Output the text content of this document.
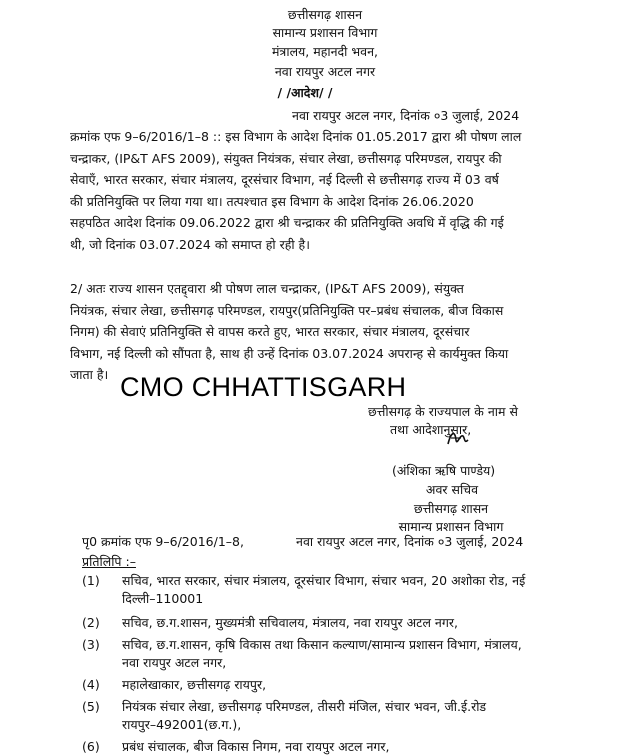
छत्तीसगढ़ शासन
सामान्य प्रशासन विभाग
मंत्रालय, महानदी भवन,
नवा रायपुर अटल नगर
/ /आदेश/ /
नवा रायपुर अटल नगर, दिनांक ०3 जुलाई, 2024

क्रमांक एफ 9–6/2016/1–8 :: इस विभाग के आदेश दिनांक 01.05.2017 द्वारा श्री पोषण लाल

चन्द्राकर, (IP&T AFS 2009), संयुक्त नियंत्रक, संचार लेखा, छत्तीसगढ़ परिमण्डल, रायपुर की

सेवाएँ, भारत सरकार, संचार मंत्रालय, दूरसंचार विभाग, नई दिल्ली से छत्तीसगढ़ राज्य में 03 वर्ष

की प्रतिनियुक्ति पर लिया गया था। तत्पश्चात इस विभाग के आदेश दिनांक 26.06.2020

सहपठित आदेश दिनांक 09.06.2022 द्वारा श्री चन्द्राकर की प्रतिनियुक्ति अवधि में वृद्धि की गई

थी, जो दिनांक 03.07.2024 को समाप्त हो रही है।

2/ अतः राज्य शासन एतद्द्वारा श्री पोषण लाल चन्द्राकर, (IP&T AFS 2009), संयुक्त

नियंत्रक, संचार लेखा, छत्तीसगढ़ परिमण्डल, रायपुर(प्रतिनियुक्ति पर–प्रबंध संचालक, बीज विकास

निगम) की सेवाएं प्रतिनियुक्ति से वापस करते हुए, भारत सरकार, संचार मंत्रालय, दूरसंचार

विभाग, नई दिल्ली को सौंपता है, साथ ही उन्हें दिनांक 03.07.2024 अपरान्ह से कार्यमुक्त किया

जाता है। CMO CHHATTISGARH
छत्तीसगढ़ के राज्यपाल के नाम से
तथा आदेशानुसार,
(अंशिका ऋषि पाण्डेय)
अवर सचिव
छत्तीसगढ़ शासन
सामान्य प्रशासन विभाग
पृ0 क्रमांक एफ 9–6/2016/1–8,	नवा रायपुर अटल नगर, दिनांक ०3 जुलाई, 2024
प्रतिलिपि :–
(1)	सचिव, भारत सरकार, संचार मंत्रालय, दूरसंचार विभाग, संचार भवन, 20 अशोका रोड, नई
दिल्ली–110001
(2)	सचिव, छ.ग.शासन, मुख्यमंत्री सचिवालय, मंत्रालय, नवा रायपुर अटल नगर,
(3)	सचिव, छ.ग.शासन, कृषि विकास तथा किसान कल्याण/सामान्य प्रशासन विभाग, मंत्रालय,
नवा रायपुर अटल नगर,
(4)	महालेखाकार, छत्तीसगढ़ रायपुर,
(5)	नियंत्रक संचार लेखा, छत्तीसगढ़ परिमण्डल, तीसरी मंजिल, संचार भवन, जी.ई.रोड
रायपुर–492001(छ.ग.),
(6)	प्रबंध संचालक, बीज विकास निगम, नवा रायपुर अटल नगर,
